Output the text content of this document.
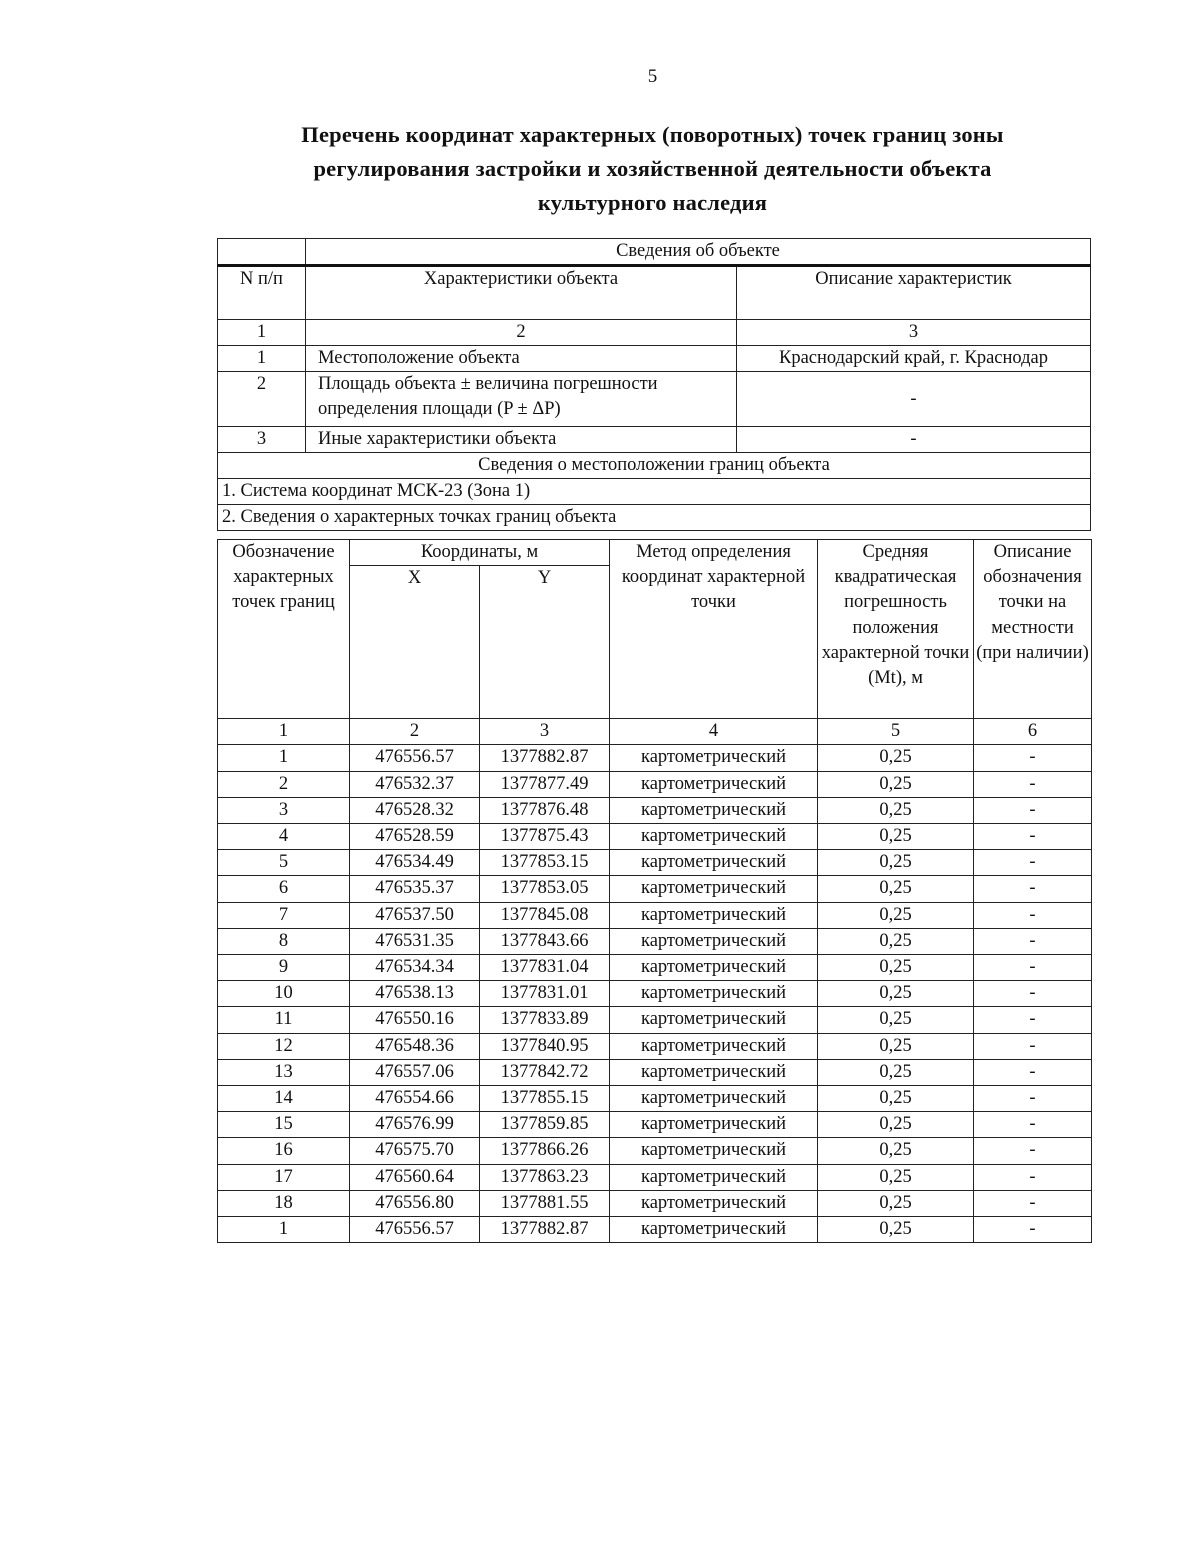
5
Перечень координат характерных (поворотных) точек границ зоны
регулирования застройки и хозяйственной деятельности объекта
культурного наследия
	Сведения об объекте	
N п/п	Характеристики объекта	Описание характеристик
1	2	3
1	Местоположение объекта	Краснодарский край, г. Краснодар
2	Площадь объекта ± величина погрешности определения площади (P ± ΔP)	-
3	Иные характеристики объекта	-
Сведения о местоположении границ объекта		
1. Система координат МСК-23 (Зона 1)		
2. Сведения о характерных точках границ объекта		
Обозначение характерных точек границ	Координаты, м		Метод определения координат характерной точки	Средняя квадратическая погрешность положения характерной точки (Mt), м	Описание обозначения точки на местности (при наличии)
	X	Y			
1	2	3	4	5	6
1	476556.57	1377882.87	картометрический	0,25	-
2	476532.37	1377877.49	картометрический	0,25	-
3	476528.32	1377876.48	картометрический	0,25	-
4	476528.59	1377875.43	картометрический	0,25	-
5	476534.49	1377853.15	картометрический	0,25	-
6	476535.37	1377853.05	картометрический	0,25	-
7	476537.50	1377845.08	картометрический	0,25	-
8	476531.35	1377843.66	картометрический	0,25	-
9	476534.34	1377831.04	картометрический	0,25	-
10	476538.13	1377831.01	картометрический	0,25	-
11	476550.16	1377833.89	картометрический	0,25	-
12	476548.36	1377840.95	картометрический	0,25	-
13	476557.06	1377842.72	картометрический	0,25	-
14	476554.66	1377855.15	картометрический	0,25	-
15	476576.99	1377859.85	картометрический	0,25	-
16	476575.70	1377866.26	картометрический	0,25	-
17	476560.64	1377863.23	картометрический	0,25	-
18	476556.80	1377881.55	картометрический	0,25	-
1	476556.57	1377882.87	картометрический	0,25	-
